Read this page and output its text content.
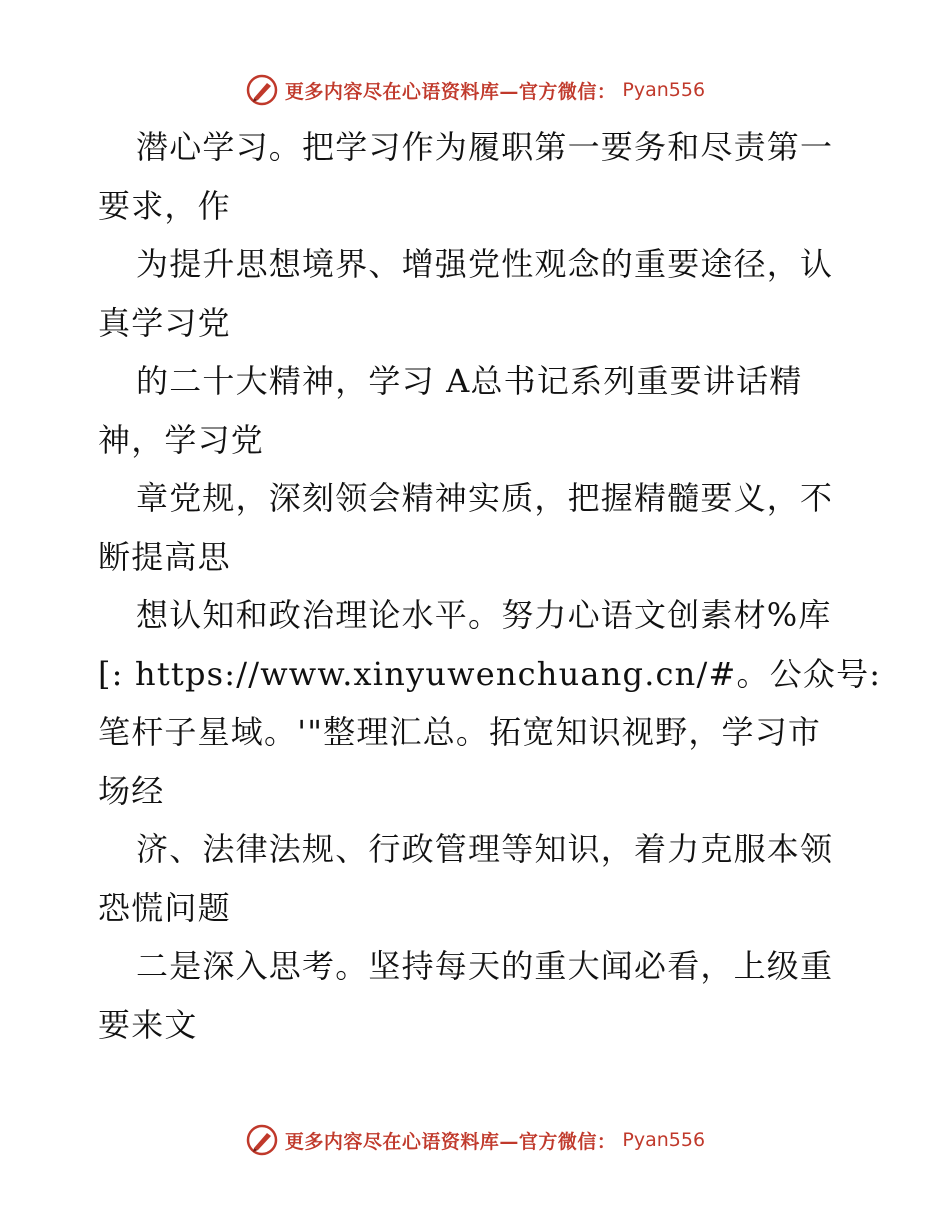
更多内容尽在心语资料库—官方微信： Pyan556
潜心学习。把学习作为履职第一要务和尽责第一
要求，作
为提升思想境界、增强党性观念的重要途径，认
真学习党
的二十大精神，学习 A总书记系列重要讲话精
神，学习党
章党规，深刻领会精神实质，把握精髓要义，不
断提高思
想认知和政治理论水平。努力心语文创素材%库
[: https://www.xinyuwenchuang.cn/#。公众号:
笔杆子星域。'"整理汇总。拓宽知识视野，学习市
场经
济、法律法规、行政管理等知识，着力克服本领
恐慌问题
二是深入思考。坚持每天的重大闻必看，上级重
要来文
更多内容尽在心语资料库—官方微信： Pyan556
